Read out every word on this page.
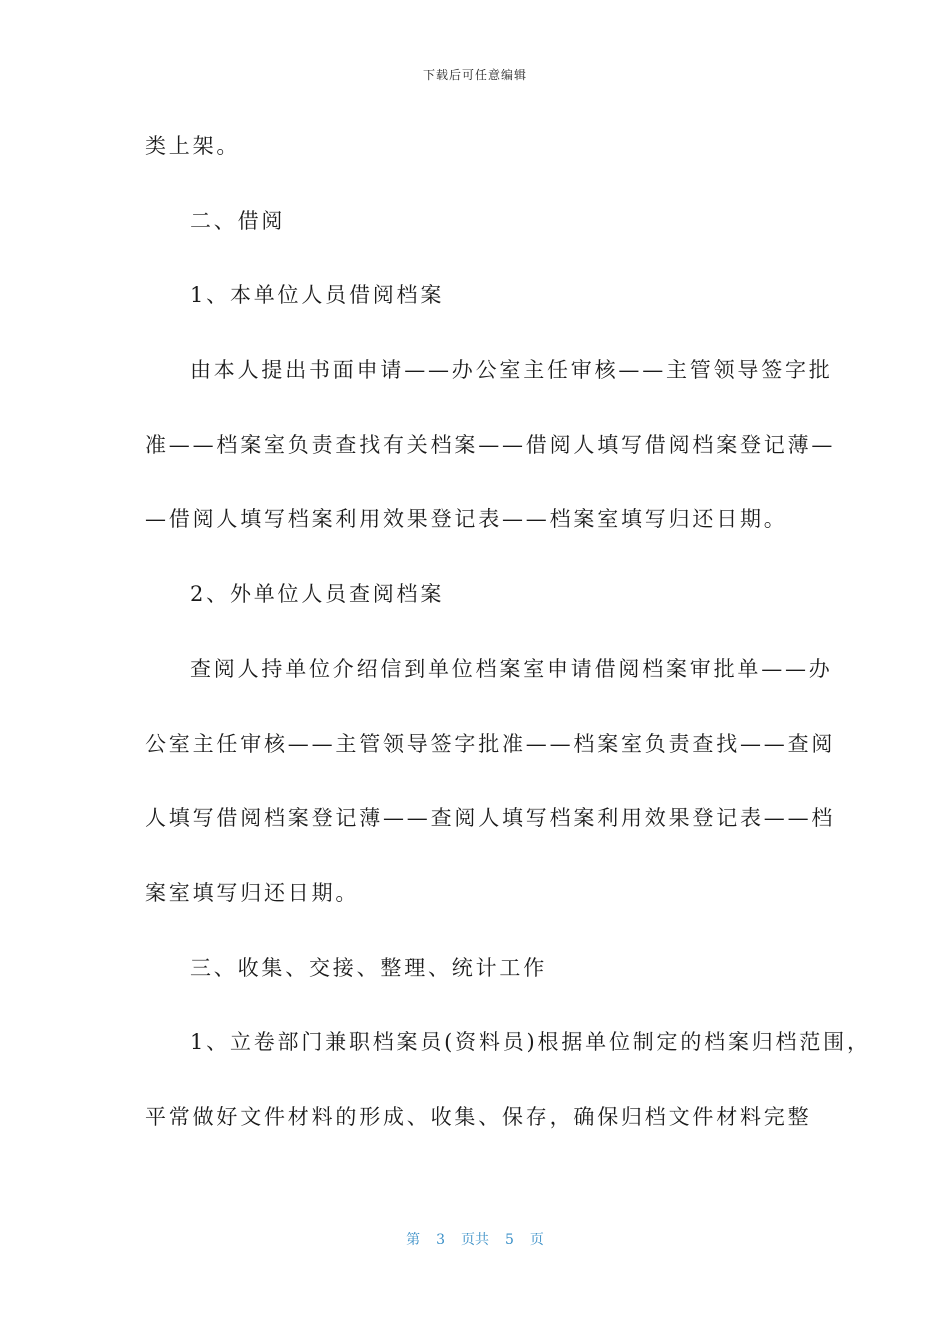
下载后可任意编辑
类上架。
二、借阅
1、本单位人员借阅档案
由本人提出书面申请——办公室主任审核——主管领导签字批
准——档案室负责查找有关档案——借阅人填写借阅档案登记薄—
—借阅人填写档案利用效果登记表——档案室填写归还日期。
2、外单位人员查阅档案
查阅人持单位介绍信到单位档案室申请借阅档案审批单——办
公室主任审核——主管领导签字批准——档案室负责查找——查阅
人填写借阅档案登记薄——查阅人填写档案利用效果登记表——档
案室填写归还日期。
三、收集、交接、整理、统计工作
1、立卷部门兼职档案员(资料员)根据单位制定的档案归档范围，
平常做好文件材料的形成、收集、保存，确保归档文件材料完整
第 3 页共 5 页
